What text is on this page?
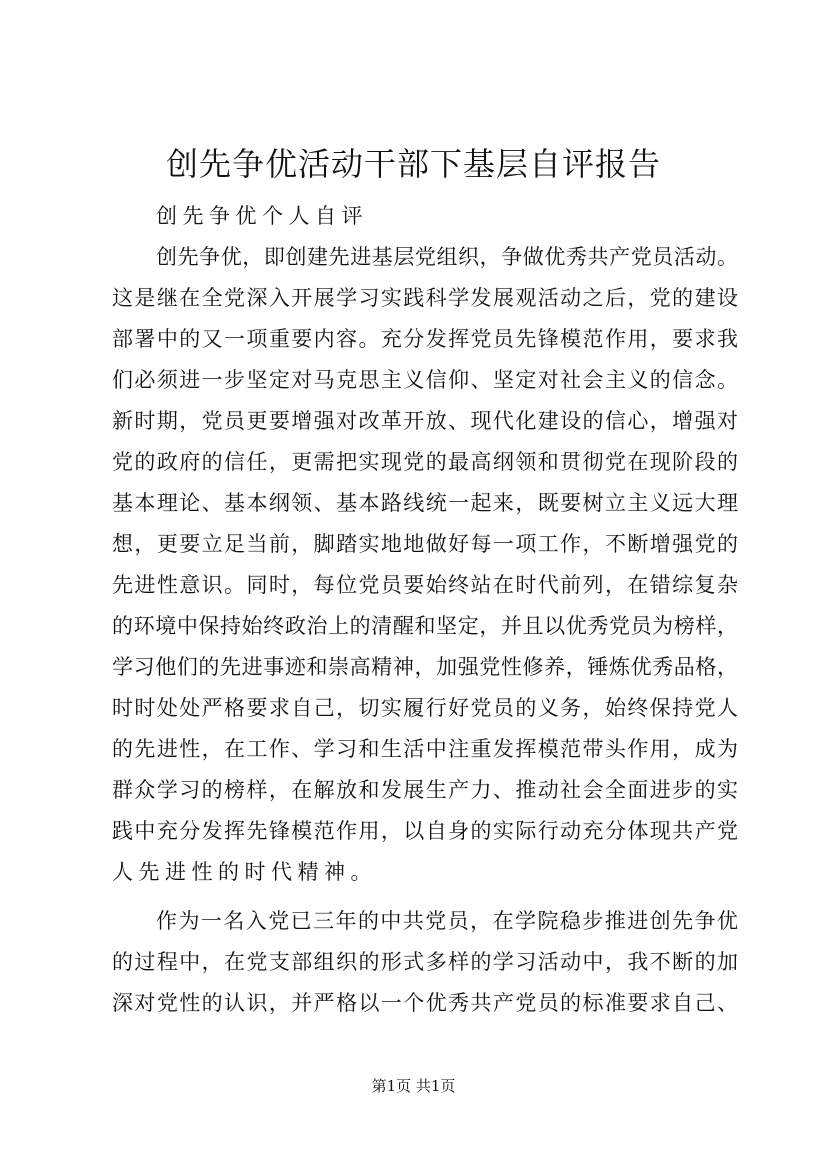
创先争优活动干部下基层自评报告
创先争优个人自评
创先争优，即创建先进基层党组织，争做优秀共产党员活动。
这是继在全党深入开展学习实践科学发展观活动之后，党的建设
部署中的又一项重要内容。充分发挥党员先锋模范作用，要求我
们必须进一步坚定对马克思主义信仰、坚定对社会主义的信念。
新时期，党员更要增强对改革开放、现代化建设的信心，增强对
党的政府的信任，更需把实现党的最高纲领和贯彻党在现阶段的
基本理论、基本纲领、基本路线统一起来，既要树立主义远大理
想，更要立足当前，脚踏实地地做好每一项工作，不断增强党的
先进性意识。同时，每位党员要始终站在时代前列，在错综复杂
的环境中保持始终政治上的清醒和坚定，并且以优秀党员为榜样，
学习他们的先进事迹和崇高精神，加强党性修养，锤炼优秀品格，
时时处处严格要求自己，切实履行好党员的义务，始终保持党人
的先进性，在工作、学习和生活中注重发挥模范带头作用，成为
群众学习的榜样，在解放和发展生产力、推动社会全面进步的实
践中充分发挥先锋模范作用，以自身的实际行动充分体现共产党
人先进性的时代精神。
作为一名入党已三年的中共党员，在学院稳步推进创先争优
的过程中，在党支部组织的形式多样的学习活动中，我不断的加
深对党性的认识，并严格以一个优秀共产党员的标准要求自己、
第1页 共1页
